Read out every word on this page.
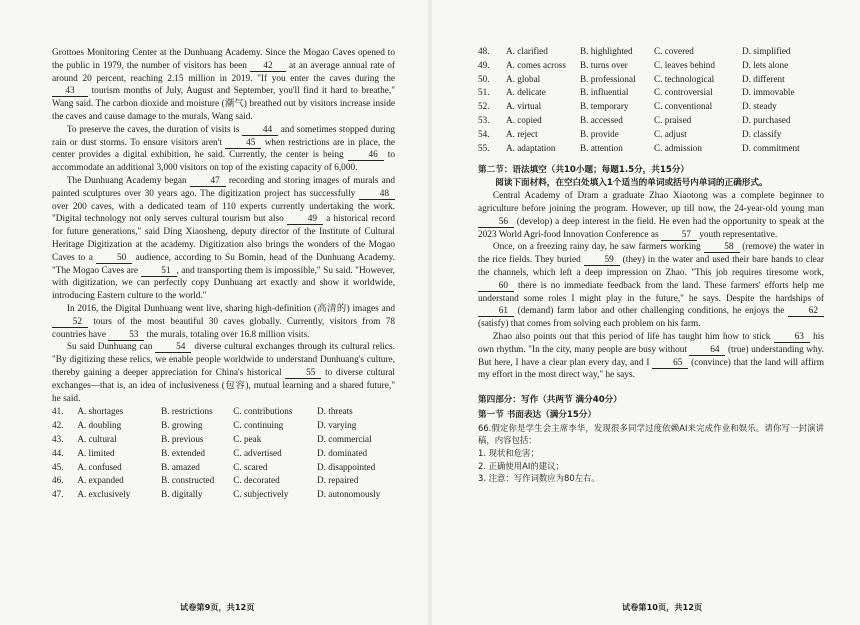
Grottoes Monitoring Center at the Dunhuang Academy. Since the Mogao Caves opened to the public in 1979, the number of visitors has been 42 at an average annual rate of around 20 percent, reaching 2.15 million in 2019. "If you enter the caves during the 43 tourism months of July, August and September, you'll find it hard to breathe," Wang said. The carbon dioxide and moisture (潮气) breathed out by visitors increase inside the caves and cause damage to the murals, Wang said.

To preserve the caves, the duration of visits is	44 and sometimes stopped during rain or dust storms. To ensure visitors aren't	45 when restrictions are in place, the center provides a digital exhibition, he said. Currently, the center is being	46 to accommodate an additional 3,000 visitors on top of the existing capacity of 6,000.

The Dunhuang Academy began	47 recording and storing images of murals and painted sculptures over 30 years ago. The digitization project has successfully	48 over 200 caves, with a dedicated team of 110 experts currently undertaking the work. "Digital technology not only serves cultural tourism but also	49 a historical record for future generations," said Ding Xiaosheng, deputy director of the Institute of Cultural Heritage Digitization at the academy. Digitization also brings the wonders of the Mogao Caves to a	50 audience, according to Su Bomin, head of the Dunhuang Academy. "The Mogao Caves are	51 , and transporting them is impossible," Su said. "However, with digitization, we can perfectly copy Dunhuang art exactly and show it worldwide, introducing Eastern culture to the world."

In 2016, the Digital Dunhuang went live, sharing high-definition (高清的) images and 52 tours of the most beautiful 30 caves globally. Currently, visitors from 78 countries have 53 the murals, totaling over 16.8 million visits.

Su said Dunhuang can	54 diverse cultural exchanges through its cultural relics. "By digitizing these relics, we enable people worldwide to understand Dunhuang's culture, thereby gaining a deeper appreciation for China's historical	55 to diverse cultural exchanges—that is, an idea of inclusiveness (包容), mutual learning and a shared future," he said.

41.	A. shortages	B. restrictions	C. contributions	D. threats
42.	A. doubling	B. growing	C. continuing	D. varying
43.	A. cultural	B. previous	C. peak	D. commercial
44.	A. limited	B. extended	C. advertised	D. dominated
45.	A. confused	B. amazed	C. scared	D. disappointed
46.	A. expanded	B. constructed	C. decorated	D. repaired
47.	A. exclusively	B. digitally	C. subjectively	D. autonomously
试卷第9页，共12页
48.	A. clarified	B. highlighted	C. covered	D. simplified
49.	A. comes across	B. turns over	C. leaves behind	D. lets alone
50.	A. global	B. professional	C. technological	D. different
51.	A. delicate	B. influential	C. controversial	D. immovable
52.	A. virtual	B. temporary	C. conventional	D. steady
53.	A. copied	B. accessed	C. praised	D. purchased
54.	A. reject	B. provide	C. adjust	D. classify
55.	A. adaptation	B. attention	C. admission	D. commitment
第二节：语法填空（共10小题；每题1.5分，共15分）
阅读下面材料，在空白处填入1个适当的单词或括号内单词的正确形式。

Central Academy of Dram a graduate Zhao Xiaotong was a complete beginner to agriculture before joining the program. However, up till now, the 24-year-old young man 56 (develop) a deep interest in the field. He even had the opportunity to speak at the 2023 World Agri-food Innovation Conference as 57 youth representative.

Once, on a freezing rainy day, he saw farmers working	58 (remove) the water in the rice fields. They buried	59 (they) in the water and used their bare hands to clear the channels, which left a deep impression on Zhao. "This job requires tiresome work, 60 there is no immediate feedback from the land. These farmers' efforts help me understand some roles I might play in the future," he says. Despite the hardships of 61 (demand) farm labor and other challenging conditions, he enjoys the	62 (satisfy) that comes from solving each problem on his farm.

Zhao also points out that this period of life has taught him how to stick	63 his own rhythm. "In the city, many people are busy without	64 (true) understanding why. But here, I have a clear plan every day, and I	65 (convince) that the land will affirm my effort in the most direct way," he says.

第四部分：写作（共两节 满分40分）
第一节 书面表达（满分15分）
66.假定你是学生会主席李华，发现很多同学过度依赖AI来完成作业和娱乐。请你写一封演讲稿，内容包括：
1. 现状和危害；
2. 正确使用AI的建议；
3. 注意：写作词数应为80左右。
试卷第10页，共12页
